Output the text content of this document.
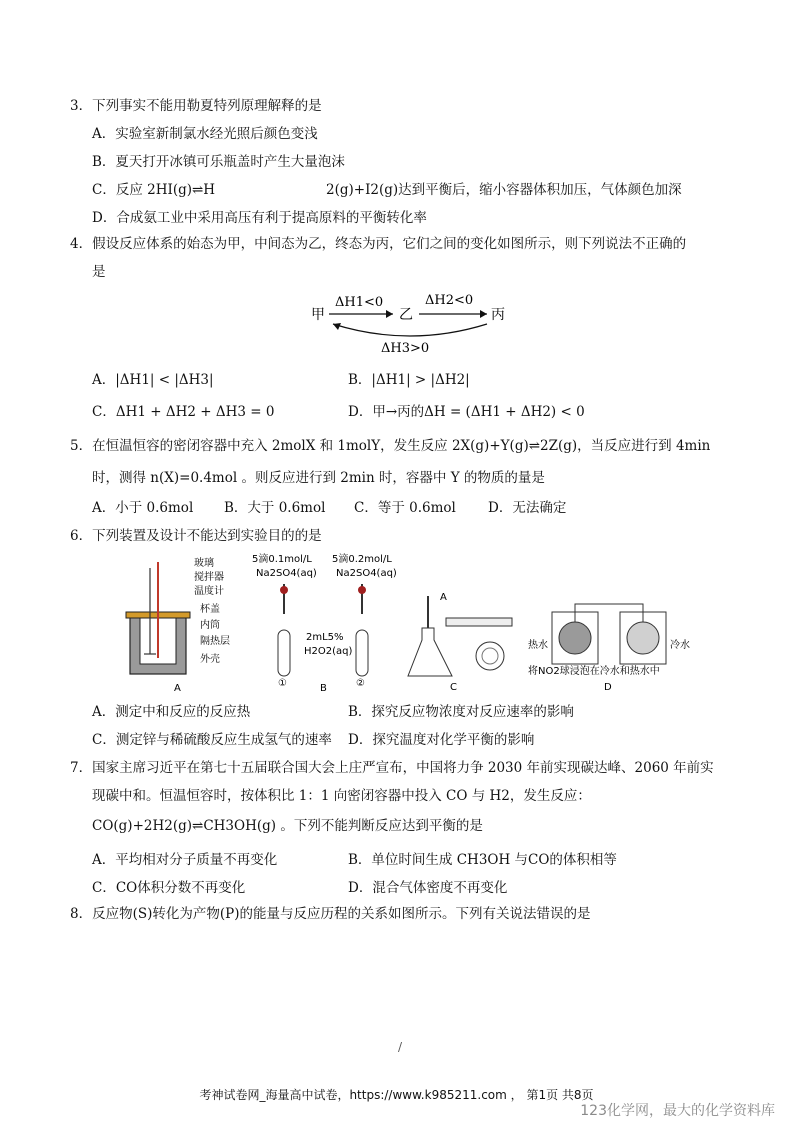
3．下列事实不能用勒夏特列原理解释的是
A．实验室新制氯水经光照后颜色变浅
B．夏天打开冰镇可乐瓶盖时产生大量泡沫
C．反应 2HI(g)⇌H	2(g)+I2(g)达到平衡后，缩小容器体积加压，气体颜色加深
D．合成氨工业中采用高压有利于提高原料的平衡转化率
4．假设反应体系的始态为甲，中间态为乙，终态为丙，它们之间的变化如图所示，则下列说法不正确的
是
甲	乙	丙
ΔH1<0	ΔH2<0
ΔH3>0
A．|ΔH1| < |ΔH3|	B．|ΔH1| > |ΔH2|
C．ΔH1 + ΔH2 + ΔH3 = 0	D．甲→丙的ΔH = (ΔH1 + ΔH2) < 0
5．在恒温恒容的密闭容器中充入 2molX 和 1molY，发生反应 2X(g)+Y(g)⇌2Z(g)，当反应进行到 4min
时，测得 n(X)=0.4mol 。则反应进行到 2min 时，容器中 Y 的物质的量是
A．小于 0.6mol B．大于 0.6mol C．等于 0.6mol D．无法确定
6．下列装置及设计不能达到实验目的的是
玻璃
搅拌器
温度计
杯盖
内筒
隔热层
外壳
A
5滴0.1mol/L
Na2SO4(aq)
5滴0.2mol/L
Na2SO4(aq)
2mL5%
H2O2(aq)
①	②
B
A
C
热水	冷水
将NO2球浸泡在冷水和热水中
D
A．测定中和反应的反应热	B．探究反应物浓度对反应速率的影响
C．测定锌与稀硫酸反应生成氢气的速率 D．探究温度对化学平衡的影响
7．国家主席习近平在第七十五届联合国大会上庄严宣布，中国将力争 2030 年前实现碳达峰、2060 年前实
现碳中和。恒温恒容时，按体积比 1：1 向密闭容器中投入 CO 与 H2，发生反应：
CO(g)+2H2(g)⇌CH3OH(g) 。下列不能判断反应达到平衡的是
A．平均相对分子质量不再变化	B．单位时间生成 CH3OH 与CO的体积相等
C．CO体积分数不再变化	D．混合气体密度不再变化
8．反应物(S)转化为产物(P)的能量与反应历程的关系如图所示。下列有关说法错误的是
/
考神试卷网_海量高中试卷，https://www.k985211.com ， 第1页 共8页
123化学网，最大的化学资料库
